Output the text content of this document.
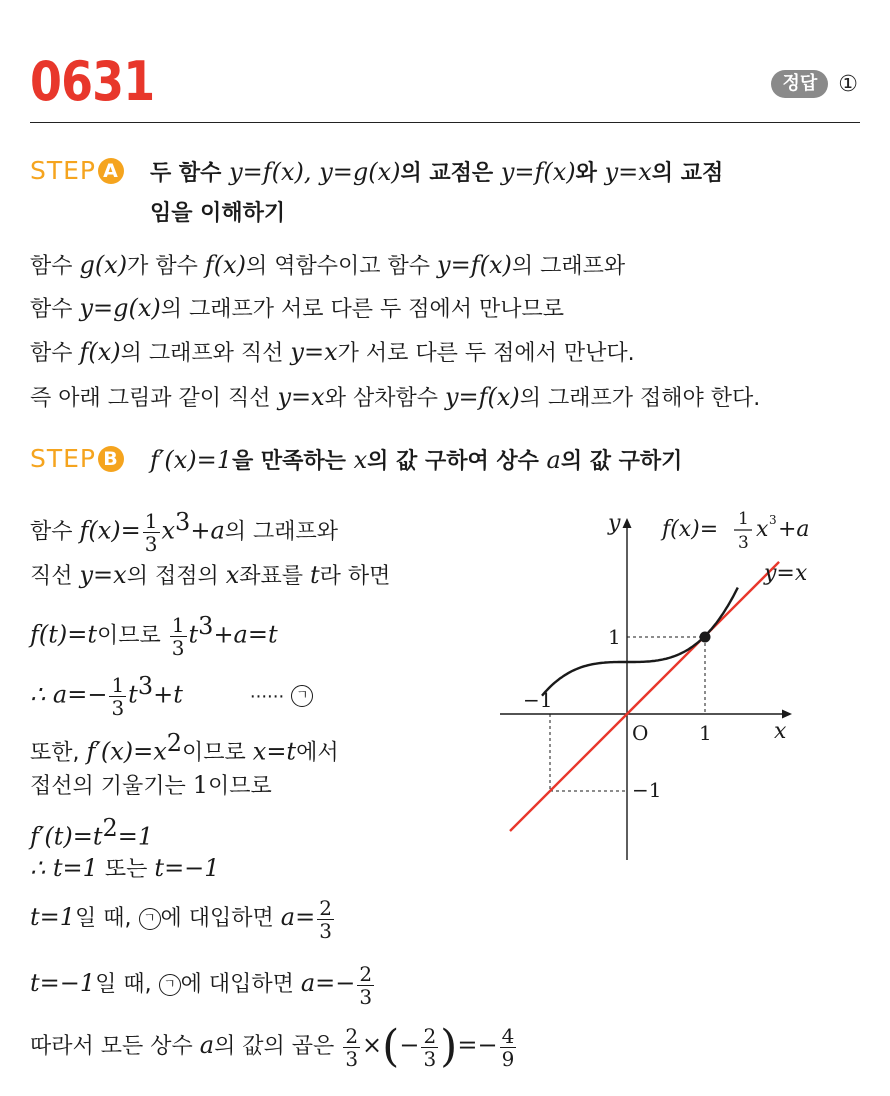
0631	정답 ①
STEP A 두 함수 y=f(x), y=g(x)의 교점은 y=f(x)와 y=x의 교점
임을 이해하기
함수 g(x)가 함수 f(x)의 역함수이고 함수 y=f(x)의 그래프와
함수 y=g(x)의 그래프가 서로 다른 두 점에서 만나므로
함수 f(x)의 그래프와 직선 y=x가 서로 다른 두 점에서 만난다.
즉 아래 그림과 같이 직선 y=x와 삼차함수 y=f(x)의 그래프가 접해야 한다.
STEP B f′(x)=1을 만족하는 x의 값 구하여 상수 a의 값 구하기
함수 $f(x)= \frac{1}{3} x^3+a$의 그래프와
직선 y=x의 접점의 x좌표를 t라 하면
f(t)=t이므로 $\frac{1}{3} t^3+a=t$
∴ $a=- \frac{1}{3} t^3+t$	······ ㄱ
또한, $f'(x)=x^2$이므로 x=t에서
접선의 기울기는 1이므로
$f'(t)=t^2=1$
∴ t=1 또는 t=−1
t=1일 때, ㄱ 에 대입하면 $a= \frac{2}{3}$
t=−1일 때, ㄱ 에 대입하면 $a=- \frac{2}{3}$
따라서 모든 상수 a의 값의 곱은 $\frac{2}{3}$ ×(− $\frac{2}{3}$ )=− $\frac{4}{9}$
y
x
O	1
−1
1
−1
y=x
f(x)= 1
3
x 3 +a
